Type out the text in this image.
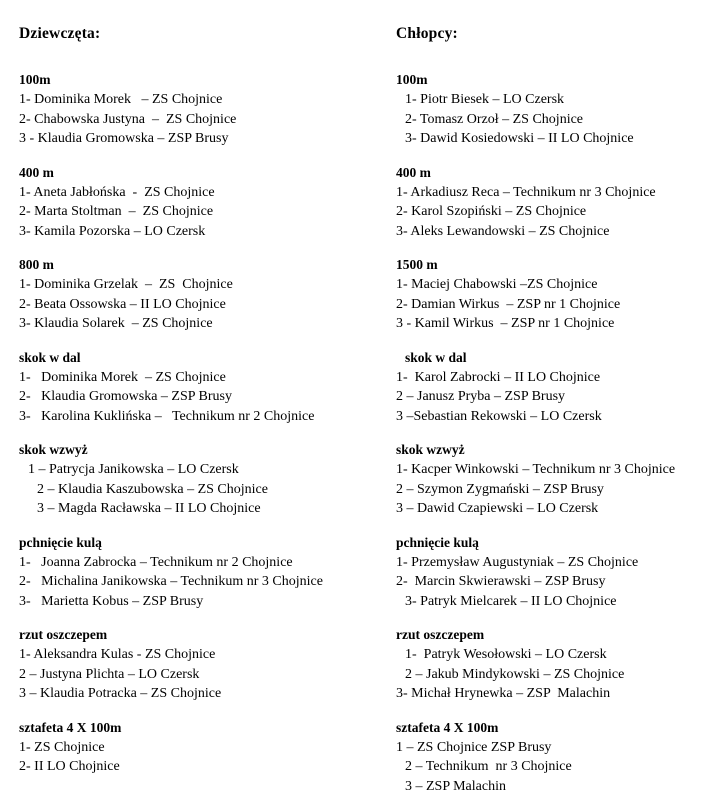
Dziewczęta:
100m
1- Dominika Morek   – ZS Chojnice
2- Chabowska Justyna  –  ZS Chojnice
3 - Klaudia Gromowska – ZSP Brusy
400 m
1- Aneta Jabłońska  -  ZS Chojnice
2- Marta Stoltman  –  ZS Chojnice
3- Kamila Pozorska – LO Czersk
800 m
1- Dominika Grzelak  –  ZS  Chojnice
2- Beata Ossowska – II LO Chojnice
3- Klaudia Solarek  – ZS Chojnice
skok w dal
1-   Dominika Morek  – ZS Chojnice
2-   Klaudia Gromowska – ZSP Brusy
3-   Karolina Kuklińska –   Technikum nr 2 Chojnice
skok wzwyż
1 – Patrycja Janikowska – LO Czersk
2 – Klaudia Kaszubowska – ZS Chojnice
3 – Magda Racławska – II LO Chojnice
pchnięcie kulą
1-   Joanna Zabrocka – Technikum nr 2 Chojnice
2-   Michalina Janikowska – Technikum nr 3 Chojnice
3-   Marietta Kobus – ZSP Brusy
rzut oszczepem
1- Aleksandra Kulas - ZS Chojnice
2 – Justyna Plichta – LO Czersk
3 – Klaudia Potracka – ZS Chojnice
sztafeta 4 X 100m
1- ZS Chojnice
2- II LO Chojnice
Chłopcy:
100m
1- Piotr Biesek – LO Czersk
2- Tomasz Orzoł – ZS Chojnice
3- Dawid Kosiedowski – II LO Chojnice
400 m
1- Arkadiusz Reca – Technikum nr 3 Chojnice
2- Karol Szopiński – ZS Chojnice
3- Aleks Lewandowski – ZS Chojnice
1500 m
1- Maciej Chabowski –ZS Chojnice
2- Damian Wirkus  – ZSP nr 1 Chojnice
3 - Kamil Wirkus  – ZSP nr 1 Chojnice
skok w dal
1-  Karol Zabrocki – II LO Chojnice
2 – Janusz Pryba – ZSP Brusy
3 –Sebastian Rekowski – LO Czersk
skok wzwyż
1- Kacper Winkowski – Technikum nr 3 Chojnice
2 – Szymon Zygmański – ZSP Brusy
3 – Dawid Czapiewski – LO Czersk
pchnięcie kulą
1- Przemysław Augustyniak – ZS Chojnice
2-  Marcin Skwierawski – ZSP Brusy
3- Patryk Mielcarek – II LO Chojnice
rzut oszczepem
1-  Patryk Wesołowski – LO Czersk
2 – Jakub Mindykowski – ZS Chojnice
3- Michał Hrynewka – ZSP  Malachin
sztafeta 4 X 100m
1 – ZS Chojnice ZSP Brusy
2 – Technikum  nr 3 Chojnice
3 – ZSP Malachin
